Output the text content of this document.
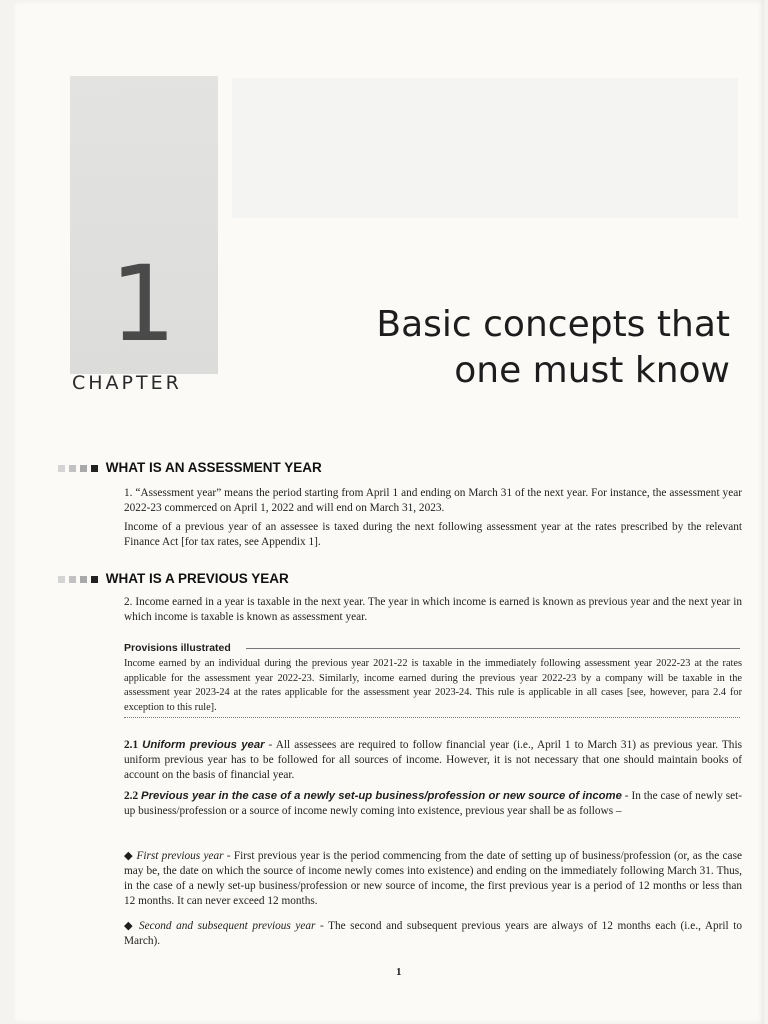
1
CHAPTER
Basic concepts that
one must know
WHAT IS AN ASSESSMENT YEAR

1. “Assessment year” means the period starting from April 1 and ending on March 31 of the next year. For instance, the assessment year 2022-23 commerced on April 1, 2022 and will end on March 31, 2023.

Income of a previous year of an assessee is taxed during the next following assessment year at the rates prescribed by the relevant Finance Act [for tax rates, see Appendix 1].

WHAT IS A PREVIOUS YEAR

2. Income earned in a year is taxable in the next year. The year in which income is earned is known as previous year and the next year in which income is taxable is known as assessment year.

Provisions illustrated

Income earned by an individual during the previous year 2021-22 is taxable in the immediately following assessment year 2022-23 at the rates applicable for the assessment year 2022-23. Similarly, income earned during the previous year 2022-23 by a company will be taxable in the assessment year 2023-24 at the rates applicable for the assessment year 2023-24. This rule is applicable in all cases [see, however, para 2.4 for exception to this rule].

2.1 Uniform previous year - All assessees are required to follow financial year (i.e., April 1 to March 31) as previous year. This uniform previous year has to be followed for all sources of income. However, it is not necessary that one should maintain books of account on the basis of financial year.

2.2 Previous year in the case of a newly set-up business/profession or new source of income - In the case of newly set-up business/profession or a source of income newly coming into existence, previous year shall be as follows –

◆ First previous year - First previous year is the period commencing from the date of setting up of business/profession (or, as the case may be, the date on which the source of income newly comes into existence) and ending on the immediately following March 31. Thus, in the case of a newly set-up business/profession or new source of income, the first previous year is a period of 12 months or less than 12 months. It can never exceed 12 months.

◆ Second and subsequent previous year - The second and subsequent previous years are always of 12 months each (i.e., April to March).

1
